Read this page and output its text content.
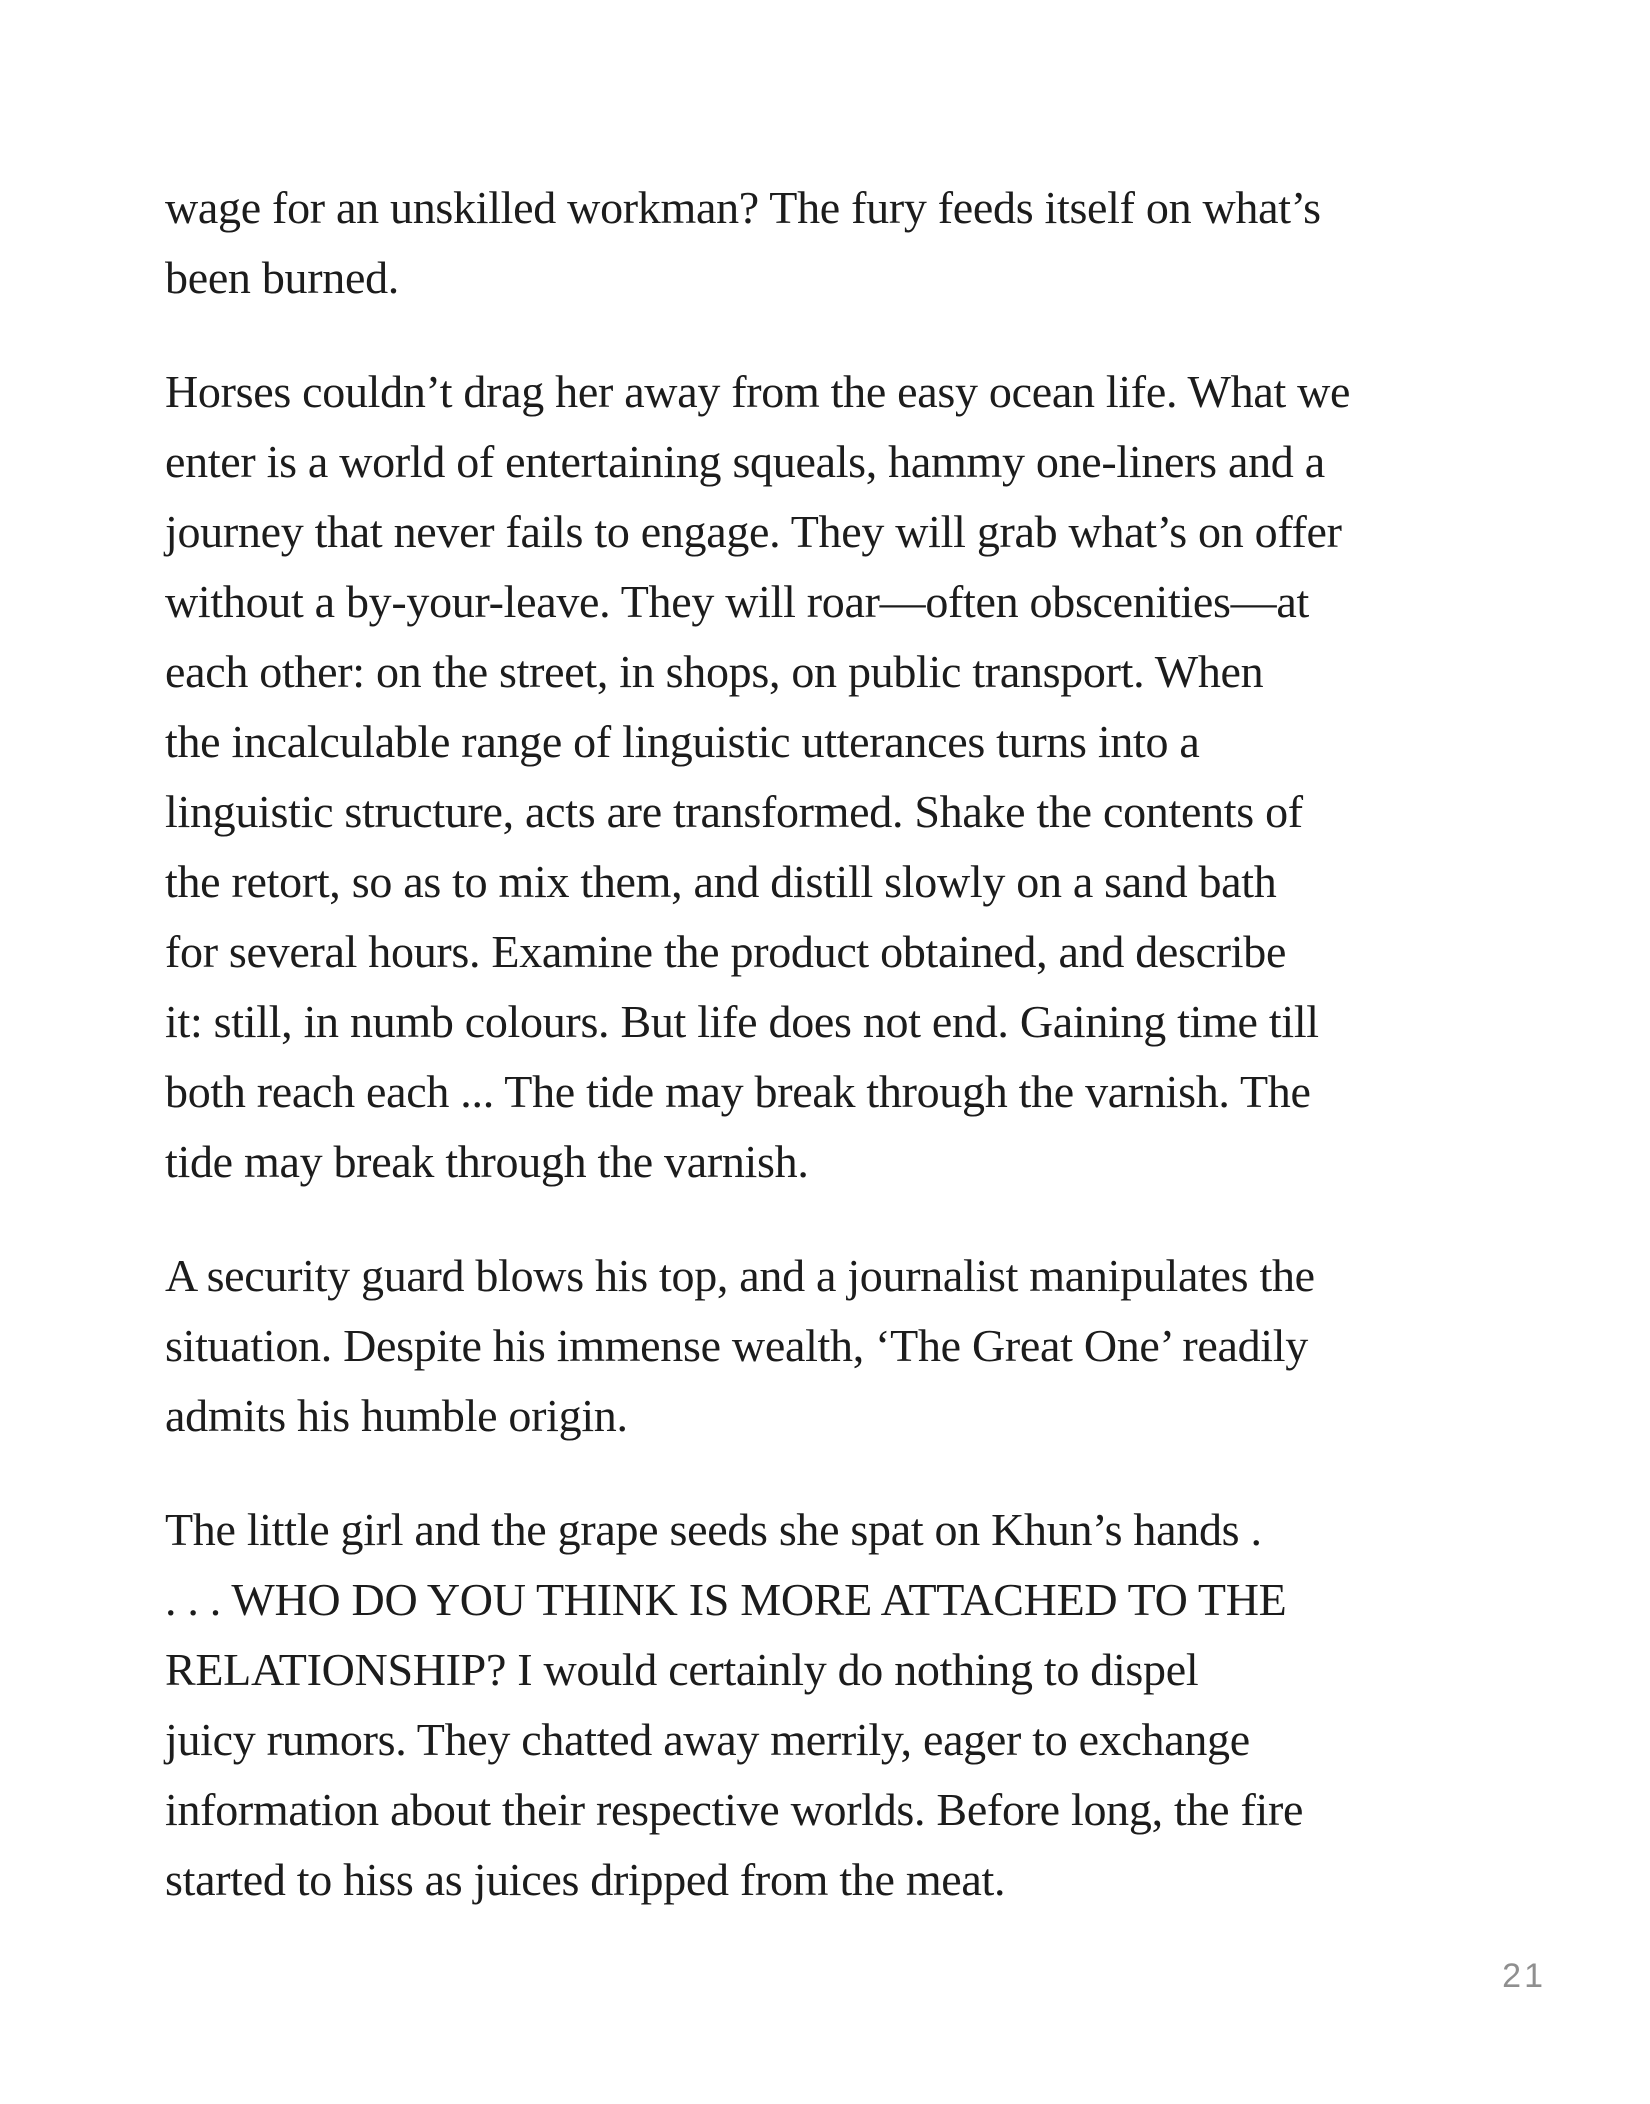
wage for an unskilled workman? The fury feeds itself on what’s
been burned.
Horses couldn’t drag her away from the easy ocean life. What we
enter is a world of entertaining squeals, hammy one-liners and a
journey that never fails to engage. They will grab what’s on offer
without a by-your-leave. They will roar—often obscenities—at
each other: on the street, in shops, on public transport. When
the incalculable range of linguistic utterances turns into a
linguistic structure, acts are transformed. Shake the contents of
the retort, so as to mix them, and distill slowly on a sand bath
for several hours. Examine the product obtained, and describe
it: still, in numb colours. But life does not end. Gaining time till
both reach each ... The tide may break through the varnish. The
tide may break through the varnish.
A security guard blows his top, and a journalist manipulates the
situation. Despite his immense wealth, ‘The Great One’ readily
admits his humble origin.
The little girl and the grape seeds she spat on Khun’s hands .
. . . WHO DO YOU THINK IS MORE ATTACHED TO THE
RELATIONSHIP? I would certainly do nothing to dispel
juicy rumors. They chatted away merrily, eager to exchange
information about their respective worlds. Before long, the fire
started to hiss as juices dripped from the meat.
21
